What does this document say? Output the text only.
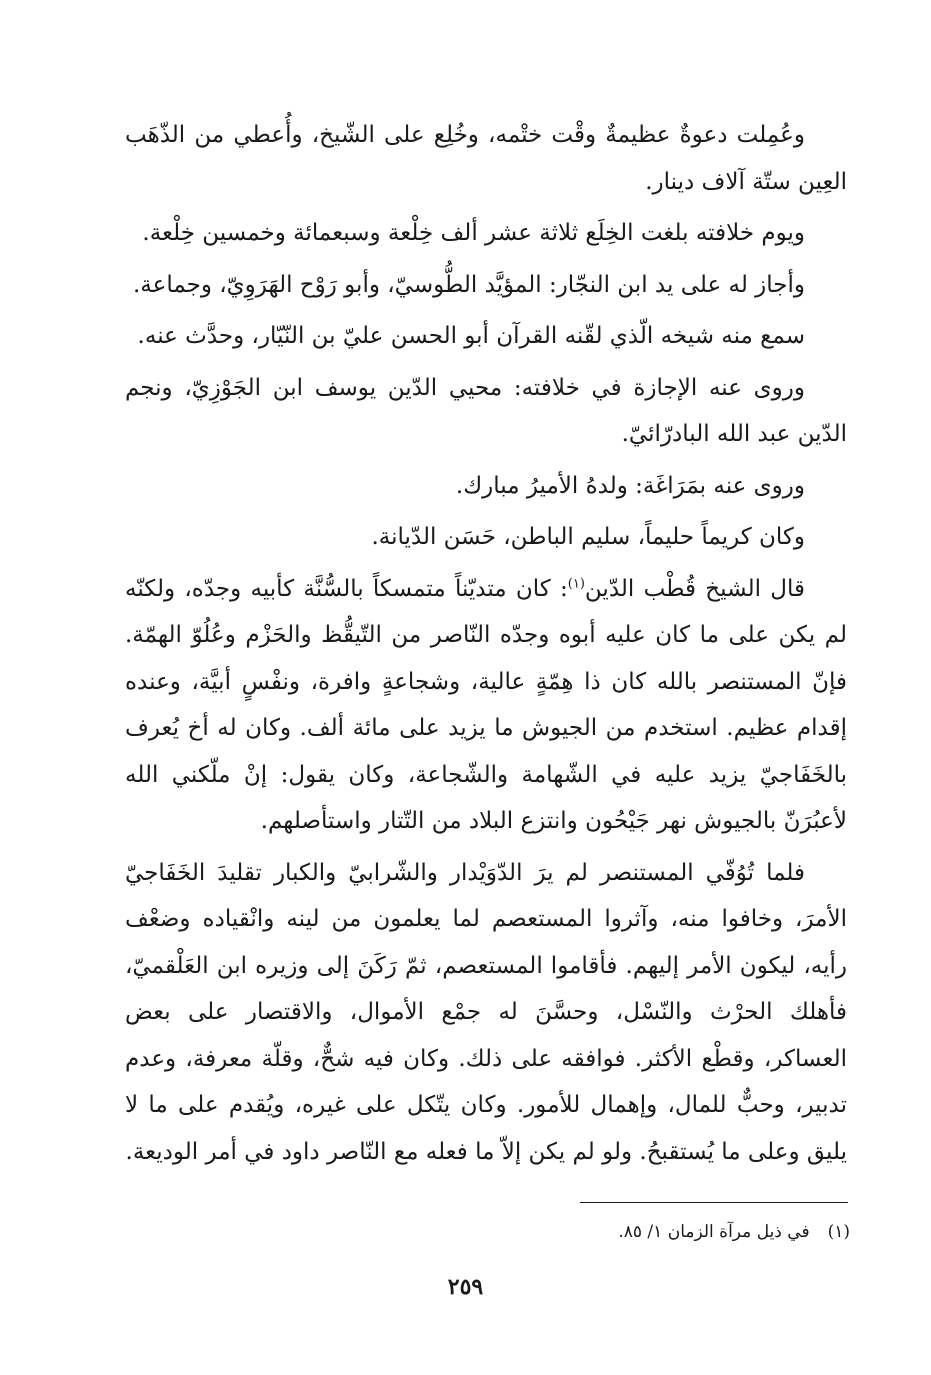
وعُمِلت دعوةٌ عظيمةٌ وقْت ختْمه، وخُلِع على الشّيخ، وأُعطي من الذّهَب العِين ستّة آلاف دينار.

ويوم خلافته بلغت الخِلَع ثلاثة عشر ألف خِلْعة وسبعمائة وخمسين خِلْعة.

وأجاز له على يد ابن النجّار: المؤيَّد الطُّوسيّ، وأبو رَوْح الهَرَوِيّ، وجماعة.

سمع منه شيخه الّذي لقّنه القرآن أبو الحسن عليّ بن النّيّار، وحدَّث عنه.

وروى عنه الإجازة في خلافته: محيي الدّين يوسف ابن الجَوْزِيّ، ونجم الدّين عبد الله البادرّائيّ.

وروى عنه بمَرَاغَة: ولدهُ الأميرُ مبارك.

وكان كريماً حليماً، سليم الباطن، حَسَن الدّيانة.

قال الشيخ قُطْب الدّين$^{(١)}$: كان متديّناً متمسكاً بالسُّنَّة كأبيه وجدّه، ولكنّه لم يكن على ما كان عليه أبوه وجدّه النّاصر من التّيقُّظ والحَزْم وعُلُوّ الهمّة. فإنّ المستنصر بالله كان ذا هِمّةٍ عالية، وشجاعةٍ وافرة، ونفْسٍ أبيَّة، وعنده إقدام عظيم. استخدم من الجيوش ما يزيد على مائة ألف. وكان له أخ يُعرف بالخَفَاجيّ يزيد عليه في الشّهامة والشّجاعة، وكان يقول: إنْ ملّكني الله لأعبُرَنّ بالجيوش نهر جَيْحُون وانتزع البلاد من التّتار واستأصلهم.

فلما تُوُفّي المستنصر لم يرَ الدّوَيْدار والشّرابيّ والكبار تقليدَ الخَفَاجيّ الأمرَ، وخافوا منه، وآثروا المستعصم لما يعلمون من لينه وانْقياده وضعْف رأيه، ليكون الأمر إليهم. فأقاموا المستعصم، ثمّ رَكَنَ إلى وزيره ابن العَلْقميّ، فأهلك الحرْث والنّسْل، وحسَّنَ له جمْع الأموال، والاقتصار على بعض العساكر، وقطْع الأكثر. فوافقه على ذلك. وكان فيه شحٌّ، وقلّة معرفة، وعدم تدبير، وحبٌّ للمال، وإهمال للأمور. وكان يتّكل على غيره، ويُقدم على ما لا يليق وعلى ما يُستقبحُ. ولو لم يكن إلاّ ما فعله مع النّاصر داود في أمر الوديعة.

(١)في ذيل مرآة الزمان ١/ ٨٥.
٢٥٩
